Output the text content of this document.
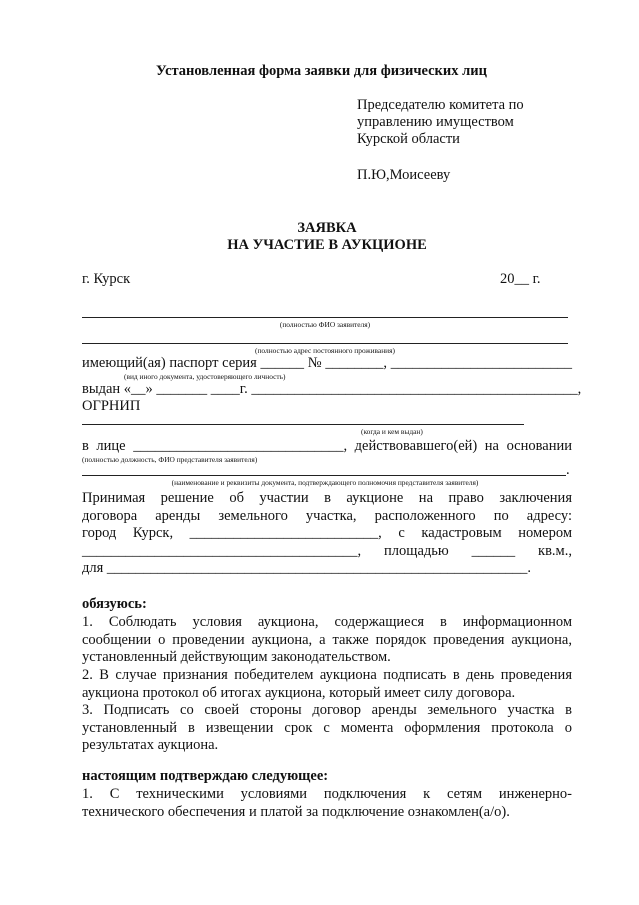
Установленная форма заявки для физических лиц
Председателю комитета по
управлению имуществом
Курской области
П.Ю,Моисееву
ЗАЯВКА
НА УЧАСТИЕ В АУКЦИОНЕ
г. Курск	20__ г.
(полностью ФИО заявителя)
(полностью адрес постоянного проживания)
имеющий(ая) паспорт серия ______ № ________, _________________________
(вид иного документа, удостоверяющего личность)
выдан «__» _______ ____г. _____________________________________________,
ОГРНИП
(когда и кем выдан)
в лице _____________________________, действовавшего(ей) на основании
(полностью должность, ФИО представителя заявителя)
.
(наименование и реквизиты документа, подтверждающего полномочия представителя заявителя)
Принимая решение об участии в аукционе на право заключения
договора аренды земельного участка, расположенного по адресу:
город Курск, __________________________, с кадастровым номером
______________________________________, площадью ______ кв.м.,
для __________________________________________________________.
обязуюсь:
1. Соблюдать условия аукциона, содержащиеся в информационном
сообщении о проведении аукциона, а также порядок проведения аукциона,
установленный действующим законодательством.
2. В случае признания победителем аукциона подписать в день проведения
аукциона протокол об итогах аукциона, который имеет силу договора.
3. Подписать со своей стороны договор аренды земельного участка в
установленный в извещении срок с момента оформления протокола о
результатах аукциона.
настоящим подтверждаю следующее:
1. С техническими условиями подключения к сетям инженерно-
технического обеспечения и платой за подключение ознакомлен(а/о).
